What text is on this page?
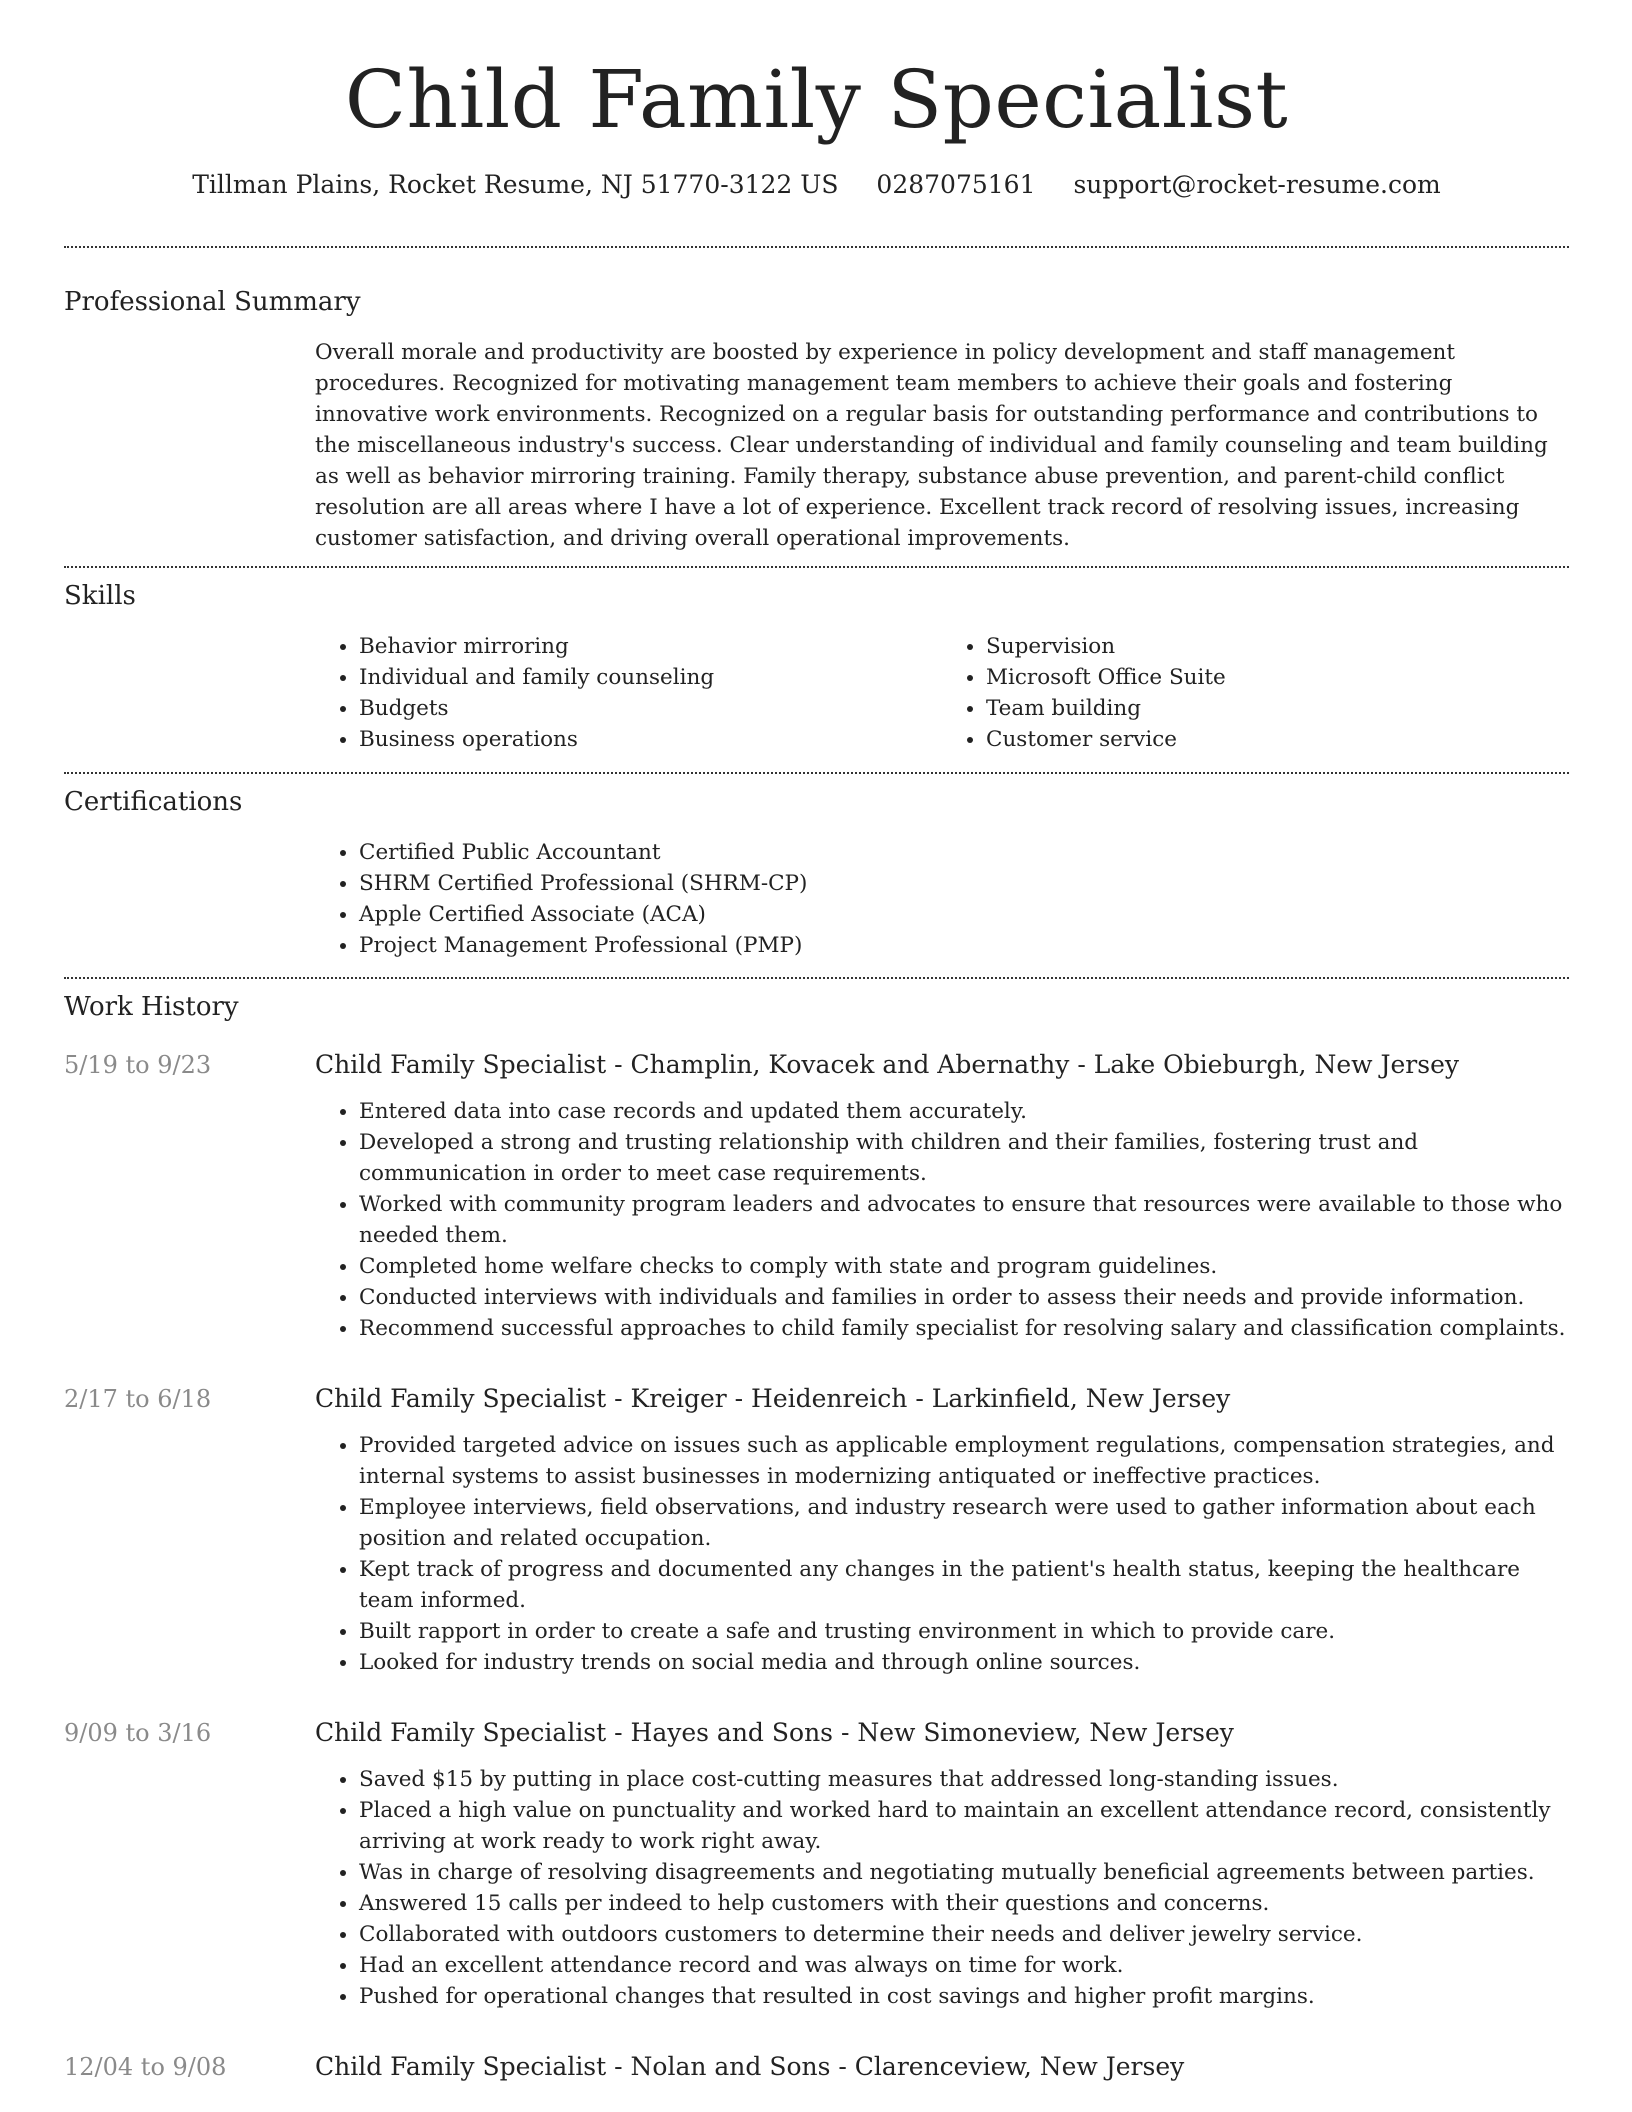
Child Family Specialist
Tillman Plains, Rocket Resume, NJ 51770-3122 US 0287075161 support@rocket-resume.com
Professional Summary

Overall morale and productivity are boosted by experience in policy development and staff management procedures. Recognized for motivating management team members to achieve their goals and fostering innovative work environments. Recognized on a regular basis for outstanding performance and contributions to the miscellaneous industry's success. Clear understanding of individual and family counseling and team building as well as behavior mirroring training. Family therapy, substance abuse prevention, and parent-child conflict resolution are all areas where I have a lot of experience. Excellent track record of resolving issues, increasing customer satisfaction, and driving overall operational improvements.

Skills
• Behavior mirroring
• Individual and family counseling
• Budgets
• Business operations
• Supervision
• Microsoft Office Suite
• Team building
• Customer service
Certifications
• Certified Public Accountant
• SHRM Certified Professional (SHRM-CP)
• Apple Certified Associate (ACA)
• Project Management Professional (PMP)
Work History
5/19 to 9/23	Child Family Specialist - Champlin, Kovacek and Abernathy - Lake Obieburgh, New Jersey
• Entered data into case records and updated them accurately.
• Developed a strong and trusting relationship with children and their families, fostering trust and communication in order to meet case requirements.
• Worked with community program leaders and advocates to ensure that resources were available to those who needed them.
• Completed home welfare checks to comply with state and program guidelines.
• Conducted interviews with individuals and families in order to assess their needs and provide information.
• Recommend successful approaches to child family specialist for resolving salary and classification complaints.
2/17 to 6/18	Child Family Specialist - Kreiger - Heidenreich - Larkinfield, New Jersey
• Provided targeted advice on issues such as applicable employment regulations, compensation strategies, and internal systems to assist businesses in modernizing antiquated or ineffective practices.
• Employee interviews, field observations, and industry research were used to gather information about each position and related occupation.
• Kept track of progress and documented any changes in the patient's health status, keeping the healthcare team informed.
• Built rapport in order to create a safe and trusting environment in which to provide care.
• Looked for industry trends on social media and through online sources.
9/09 to 3/16	Child Family Specialist - Hayes and Sons - New Simoneview, New Jersey
• Saved $15 by putting in place cost-cutting measures that addressed long-standing issues.
• Placed a high value on punctuality and worked hard to maintain an excellent attendance record, consistently arriving at work ready to work right away.
• Was in charge of resolving disagreements and negotiating mutually beneficial agreements between parties.
• Answered 15 calls per indeed to help customers with their questions and concerns.
• Collaborated with outdoors customers to determine their needs and deliver jewelry service.
• Had an excellent attendance record and was always on time for work.
• Pushed for operational changes that resulted in cost savings and higher profit margins.
12/04 to 9/08	Child Family Specialist - Nolan and Sons - Clarenceview, New Jersey
